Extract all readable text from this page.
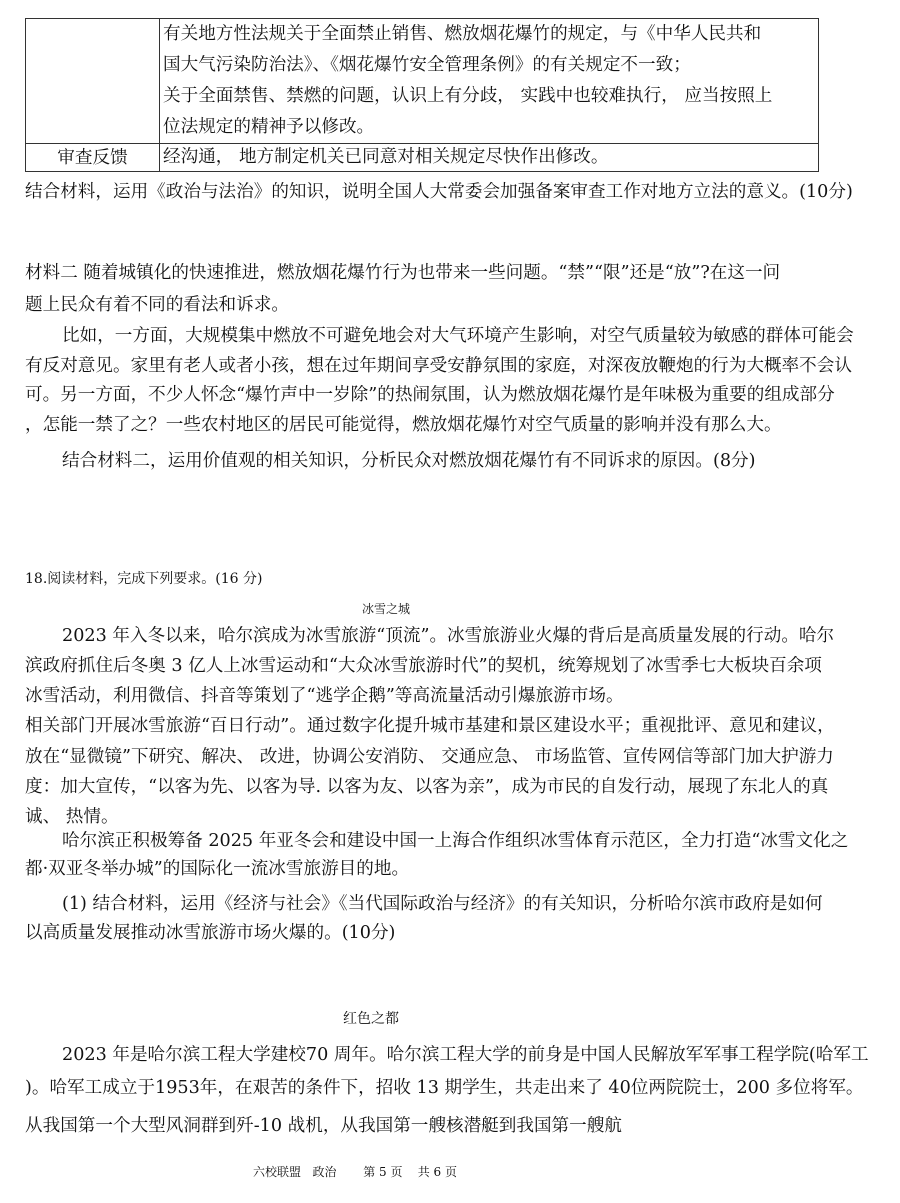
	有关地方性法规关于全面禁止销售、燃放烟花爆竹的规定，与《中华人民共和
国大气污染防治法》、《烟花爆竹安全管理条例》的有关规定不一致；
关于全面禁售、禁燃的问题，认识上有分歧， 实践中也较难执行， 应当按照上
位法规定的精神予以修改。

审查反馈	经沟通， 地方制定机关已同意对相关规定尽快作出修改。
结合材料，运用《政治与法治》的知识，说明全国人大常委会加强备案审查工作对地方立法的意义。(10分)
材料二 随着城镇化的快速推进，燃放烟花爆竹行为也带来一些问题。“禁”“限”还是“放”?在这一问
题上民众有着不同的看法和诉求。
比如，一方面，大规模集中燃放不可避免地会对大气环境产生影响，对空气质量较为敏感的群体可能会
有反对意见。家里有老人或者小孩，想在过年期间享受安静氛围的家庭，对深夜放鞭炮的行为大概率不会认
可。另一方面，不少人怀念“爆竹声中一岁除”的热闹氛围，认为燃放烟花爆竹是年味极为重要的组成部分
，怎能一禁了之？一些农村地区的居民可能觉得，燃放烟花爆竹对空气质量的影响并没有那么大。
结合材料二，运用价值观的相关知识，分析民众对燃放烟花爆竹有不同诉求的原因。(8分)
18.阅读材料，完成下列要求。(16 分)
冰雪之城
2023 年入冬以来，哈尔滨成为冰雪旅游“顶流”。冰雪旅游业火爆的背后是高质量发展的行动。哈尔
滨政府抓住后冬奥 3 亿人上冰雪运动和“大众冰雪旅游时代”的契机，统筹规划了冰雪季七大板块百余项
冰雪活动，利用微信、抖音等策划了“逃学企鹅”等高流量活动引爆旅游市场。
相关部门开展冰雪旅游“百日行动”。通过数字化提升城市基建和景区建设水平；重视批评、意见和建议，
放在“显微镜”下研究、解决、 改进，协调公安消防、 交通应急、 市场监管、宣传网信等部门加大护游力
度：加大宣传，“以客为先、以客为导. 以客为友、以客为亲”，成为市民的自发行动，展现了东北人的真
诚、 热情。
哈尔滨正积极筹备 2025 年亚冬会和建设中国一上海合作组织冰雪体育示范区，全力打造“冰雪文化之
都·双亚冬举办城”的国际化一流冰雪旅游目的地。
(1) 结合材料，运用《经济与社会》《当代国际政治与经济》的有关知识，分析哈尔滨市政府是如何
以高质量发展推动冰雪旅游市场火爆的。(10分)
红色之都
2023 年是哈尔滨工程大学建校70 周年。哈尔滨工程大学的前身是中国人民解放军军事工程学院(哈军工
)。哈军工成立于1953年，在艰苦的条件下，招收 13 期学生，共走出来了 40位两院院士，200 多位将军。
从我国第一个大型风洞群到歼-10 战机，从我国第一艘核潜艇到我国第一艘航
六校联盟 政治 第 5 页 共 6 页
